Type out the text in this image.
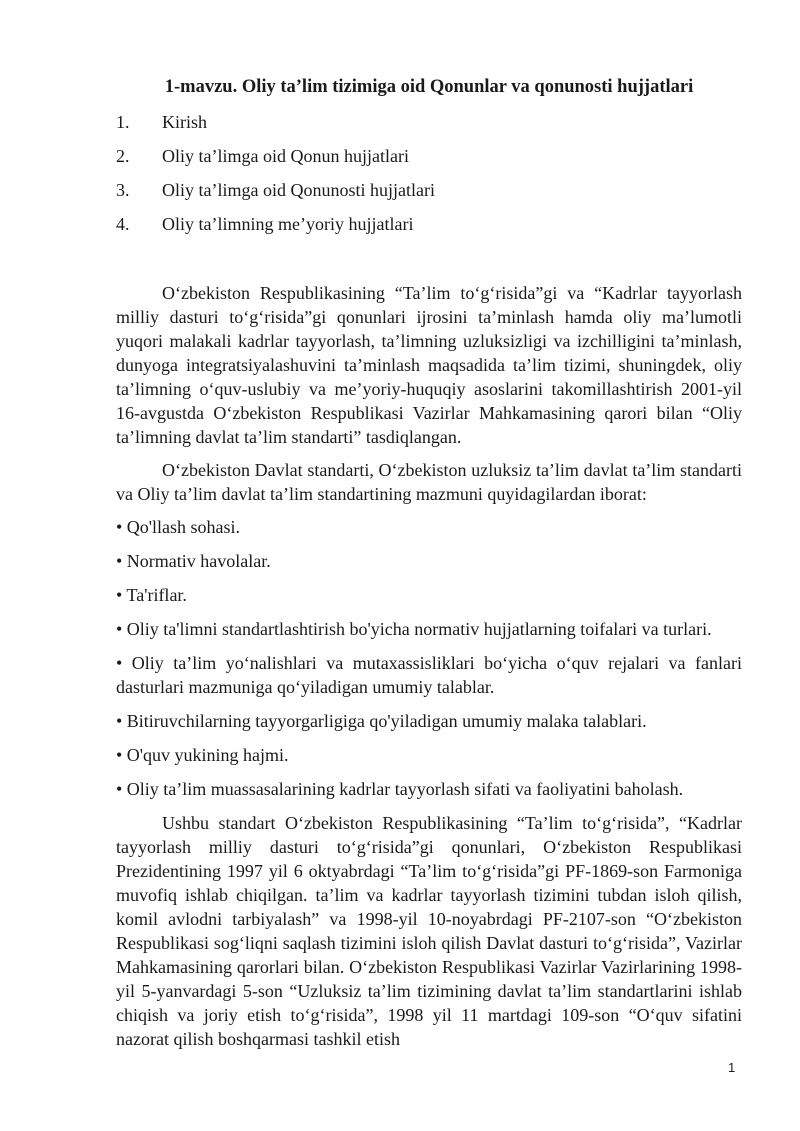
1-mavzu. Oliy ta’lim tizimiga oid Qonunlar va qonunosti hujjatlari
1. Kirish
2. Oliy ta’limga oid Qonun hujjatlari
3. Oliy ta’limga oid Qonunosti hujjatlari
4. Oliy ta’limning me’yoriy hujjatlari

O‘zbekiston Respublikasining “Ta’lim to‘g‘risida”gi va “Kadrlar tayyorlash milliy dasturi to‘g‘risida”gi qonunlari ijrosini ta’minlash hamda oliy ma’lumotli yuqori malakali kadrlar tayyorlash, ta’limning uzluksizligi va izchilligini ta’minlash, dunyoga integratsiyalashuvini ta’minlash maqsadida ta’lim tizimi, shuningdek, oliy ta’limning o‘quv-uslubiy va me’yoriy-huquqiy asoslarini takomillashtirish 2001-yil 16-avgustda O‘zbekiston Respublikasi Vazirlar Mahkamasining qarori bilan “Oliy ta’limning davlat ta’lim standarti” tasdiqlangan.

O‘zbekiston Davlat standarti, O‘zbekiston uzluksiz ta’lim davlat ta’lim standarti va Oliy ta’lim davlat ta’lim standartining mazmuni quyidagilardan iborat:

• Qo'llash sohasi.
• Normativ havolalar.
• Ta'riflar.
• Oliy ta'limni standartlashtirish bo'yicha normativ hujjatlarning toifalari va turlari.
• Oliy ta’lim yo‘nalishlari va mutaxassisliklari bo‘yicha o‘quv rejalari va fanlari dasturlari mazmuniga qo‘yiladigan umumiy talablar.
• Bitiruvchilarning tayyorgarligiga qo'yiladigan umumiy malaka talablari.
• O'quv yukining hajmi.
• Oliy ta’lim muassasalarining kadrlar tayyorlash sifati va faoliyatini baholash.

Ushbu standart O‘zbekiston Respublikasining “Ta’lim to‘g‘risida”, “Kadrlar tayyorlash milliy dasturi to‘g‘risida”gi qonunlari, O‘zbekiston Respublikasi Prezidentining 1997 yil 6 oktyabrdagi “Ta’lim to‘g‘risida”gi PF-1869-son Farmoniga muvofiq ishlab chiqilgan. ta’lim va kadrlar tayyorlash tizimini tubdan isloh qilish, komil avlodni tarbiyalash” va 1998-yil 10-noyabrdagi PF-2107-son “O‘zbekiston Respublikasi sog‘liqni saqlash tizimini isloh qilish Davlat dasturi to‘g‘risida”, Vazirlar Mahkamasining qarorlari bilan. O‘zbekiston Respublikasi Vazirlar Vazirlarining 1998-yil 5-yanvardagi 5-son “Uzluksiz ta’lim tizimining davlat ta’lim standartlarini ishlab chiqish va joriy etish to‘g‘risida”, 1998 yil 11 martdagi 109-son “O‘quv sifatini nazorat qilish boshqarmasi tashkil etish

1
